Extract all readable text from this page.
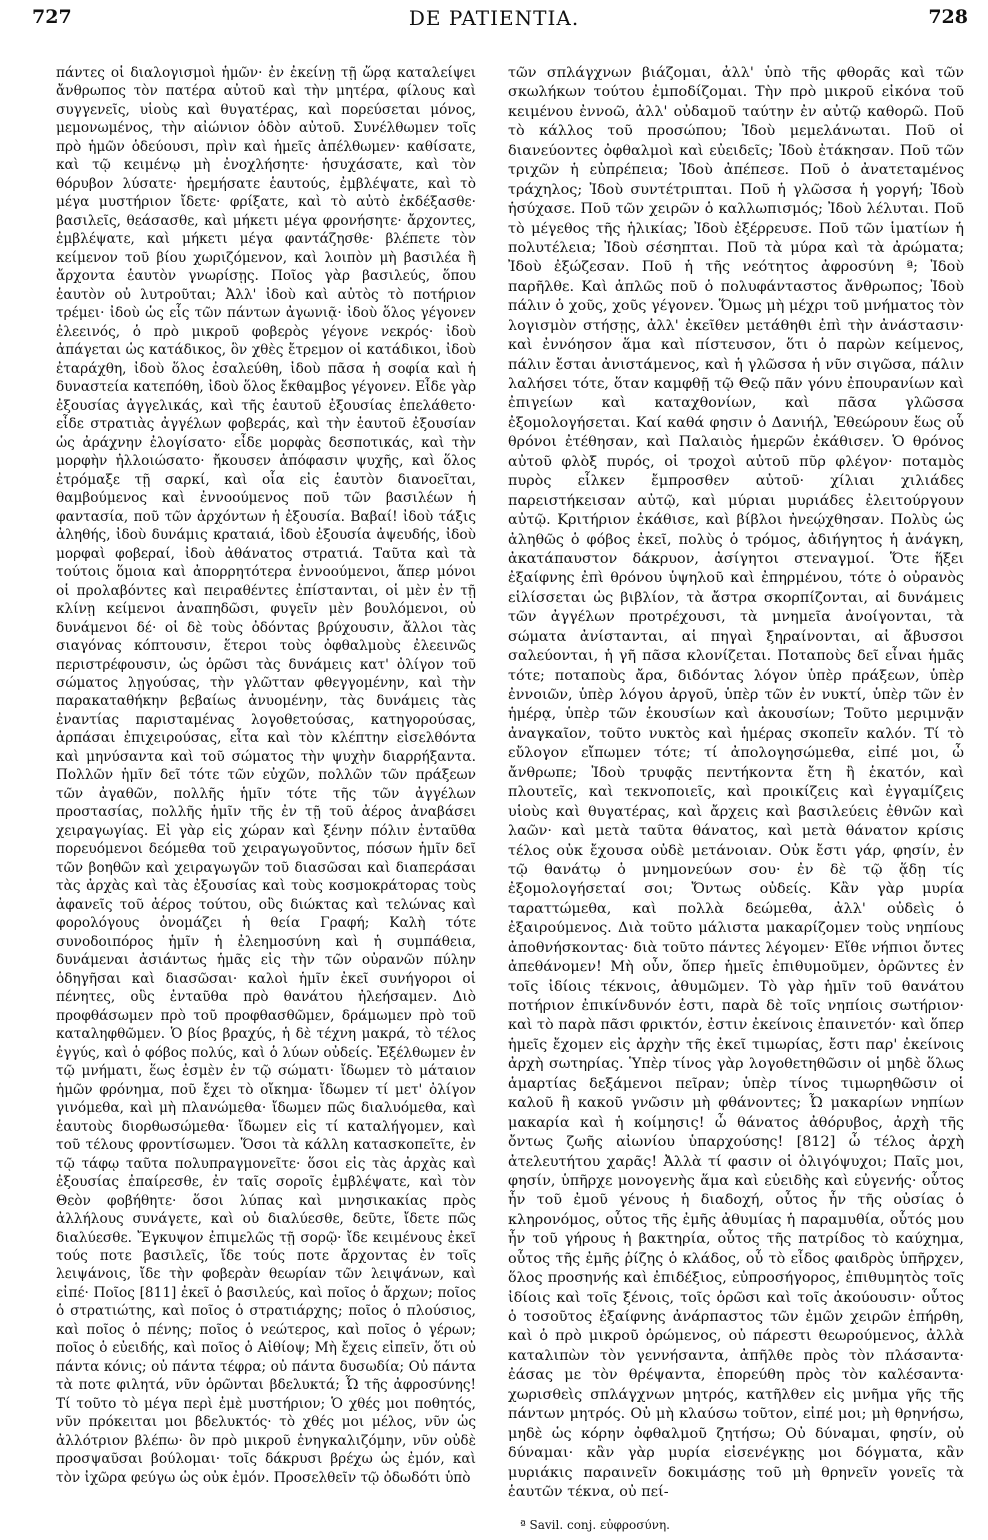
727	DE PATIENTIA.	728

πάντες οἱ διαλογισμοὶ ἡμῶν· ἐν ἐκείνῃ τῇ ὥρᾳ καταλείψει ἄνθρωπος τὸν πατέρα αὐτοῦ καὶ τὴν μητέρα, φίλους καὶ συγγενεῖς, υἱοὺς καὶ θυγατέρας, καὶ πορεύσεται μόνος, μεμονωμένος, τὴν αἰώνιον ὁδὸν αὐτοῦ. Συνέλθωμεν τοῖς πρὸ ἡμῶν ὁδεύουσι, πρὶν καὶ ἡμεῖς ἀπέλθωμεν· καθίσατε, καὶ τῷ κειμένῳ μὴ ἐνοχλήσητε· ἡσυχάσατε, καὶ τὸν θόρυβον λύσατε· ἠρεμήσατε ἑαυτούς, ἐμβλέψατε, καὶ τὸ μέγα μυστήριον ἴδετε· φρίξατε, καὶ τὸ αὐτὸ ἐκδέξασθε· βασιλεῖς, θεάσασθε, καὶ μήκετι μέγα φρονήσητε· ἄρχοντες, ἐμβλέψατε, καὶ μήκετι μέγα φαντάζησθε· βλέπετε τὸν κείμενον τοῦ βίου χωριζόμενον, καὶ λοιπὸν μὴ βασιλέα ἢ ἄρχοντα ἑαυτὸν γνωρίσῃς. Ποῖος γὰρ βασιλεύς, ὅπου ἑαυτὸν οὐ λυτροῦται; Ἀλλ' ἰδοὺ καὶ αὐτὸς τὸ ποτήριον τρέμει· ἰδοὺ ὡς εἷς τῶν πάντων ἀγωνιᾷ· ἰδοὺ ὅλος γέγονεν ἐλεεινός, ὁ πρὸ μικροῦ φοβερὸς γέγονε νεκρός· ἰδοὺ ἀπάγεται ὡς κατάδικος, ὃν χθὲς ἔτρεμον οἱ κατάδικοι, ἰδοὺ ἐταράχθη, ἰδοὺ ὅλος ἐσαλεύθη, ἰδοὺ πᾶσα ἡ σοφία καὶ ἡ δυναστεία κατεπόθη, ἰδοὺ ὅλος ἔκθαμβος γέγονεν. Εἶδε γὰρ ἐξουσίας ἀγγελικάς, καὶ τῆς ἑαυτοῦ ἐξουσίας ἐπελάθετο· εἶδε στρατιὰς ἀγγέλων φοβεράς, καὶ τὴν ἑαυτοῦ ἐξουσίαν ὡς ἀράχνην ἐλογίσατο· εἶδε μορφὰς δεσποτικάς, καὶ τὴν μορφὴν ἠλλοιώσατο· ἤκουσεν ἀπόφασιν ψυχῆς, καὶ ὅλος ἐτρόμαξε τῇ σαρκί, καὶ οἷα εἰς ἑαυτὸν διανοεῖται, θαμβούμενος καὶ ἐννοούμενος ποῦ τῶν βασιλέων ἡ φαντασία, ποῦ τῶν ἀρχόντων ἡ ἐξουσία. Βαβαί! ἰδοὺ τάξις ἀληθής, ἰδοὺ δυνάμις κραταιά, ἰδοὺ ἐξουσία ἀψευδής, ἰδοὺ μορφαὶ φοβεραί, ἰδοὺ ἀθάνατος στρατιά. Ταῦτα καὶ τὰ τούτοις ὅμοια καὶ ἀπορρητότερα ἐννοούμενοι, ἅπερ μόνοι οἱ προλαβόντες καὶ πειραθέντες ἐπίστανται, οἱ μὲν ἐν τῇ κλίνῃ κείμενοι ἀναπηδῶσι, φυγεῖν μὲν βουλόμενοι, οὐ δυνάμενοι δέ· οἱ δὲ τοὺς ὀδόντας βρύχουσιν, ἄλλοι τὰς σιαγόνας κόπτουσιν, ἕτεροι τοὺς ὀφθαλμοὺς ἐλεεινῶς περιστρέφουσιν, ὡς ὁρῶσι τὰς δυνάμεις κατ' ὀλίγον τοῦ σώματος λῃγούσας, τὴν γλῶτταν φθεγγομένην, καὶ τὴν παρακαταθήκην βεβαίως ἀνυομένην, τὰς δυνάμεις τὰς ἐναντίας παρισταμένας λογοθετούσας, κατηγορούσας, ἁρπάσαι ἐπιχειρούσας, εἶτα καὶ τὸν κλέπτην εἰσελθόντα καὶ μηνύσαντα καὶ τοῦ σώματος τὴν ψυχὴν διαρρήξαντα. Πολλῶν ἡμῖν δεῖ τότε τῶν εὐχῶν, πολλῶν τῶν πράξεων τῶν ἀγαθῶν, πολλῆς ἡμῖν τότε τῆς τῶν ἀγγέλων προστασίας, πολλῆς ἡμῖν τῆς ἐν τῇ τοῦ ἀέρος ἀναβάσει χειραγωγίας. Εἰ γὰρ εἰς χώραν καὶ ξένην πόλιν ἐνταῦθα πορευόμενοι δεόμεθα τοῦ χειραγωγοῦντος, πόσων ἡμῖν δεῖ τῶν βοηθῶν καὶ χειραγωγῶν τοῦ διασῶσαι καὶ διαπεράσαι τὰς ἀρχὰς καὶ τὰς ἐξουσίας καὶ τοὺς κοσμοκράτορας τοὺς ἀφανεῖς τοῦ ἀέρος τούτου, οὓς διώκτας καὶ τελώνας καὶ φορολόγους ὀνομάζει ἡ θεία Γραφή; Καλὴ τότε συνοδοιπόρος ἡμῖν ἡ ἐλεημοσύνη καὶ ἡ συμπάθεια, δυνάμεναι ἀσιάντως ἡμᾶς εἰς τὴν τῶν οὐρανῶν πύλην ὁδηγῆσαι καὶ διασῶσαι· καλοὶ ἡμῖν ἐκεῖ συνήγοροι οἱ πένητες, οὓς ἐνταῦθα πρὸ θανάτου ἠλεήσαμεν. Διὸ προφθάσωμεν πρὸ τοῦ προφθασθῶμεν, δράμωμεν πρὸ τοῦ καταληφθῶμεν. Ὁ βίος βραχύς, ἡ δὲ τέχνη μακρά, τὸ τέλος ἐγγύς, καὶ ὁ φόβος πολύς, καὶ ὁ λύων οὐδείς. Ἐξέλθωμεν ἐν τῷ μνήματι, ἕως ἐσμὲν ἐν τῷ σώματι· ἴδωμεν τὸ μάταιον ἡμῶν φρόνημα, ποῦ ἔχει τὸ οἴκημα· ἴδωμεν τί μετ' ὀλίγον γινόμεθα, καὶ μὴ πλανώμεθα· ἴδωμεν πῶς διαλυόμεθα, καὶ ἑαυτοὺς διορθωσώμεθα· ἴδωμεν εἰς τί καταλήγομεν, καὶ τοῦ τέλους φροντίσωμεν. Ὅσοι τὰ κάλλη κατασκοπεῖτε, ἐν τῷ τάφῳ ταῦτα πολυπραγμονεῖτε· ὅσοι εἰς τὰς ἀρχὰς καὶ ἐξουσίας ἐπαίρεσθε, ἐν ταῖς σοροῖς ἐμβλέψατε, καὶ τὸν Θεὸν φοβήθητε· ὅσοι λύπας καὶ μνησικακίας πρὸς ἀλλήλους συνάγετε, καὶ οὐ διαλύεσθε, δεῦτε, ἴδετε πῶς διαλύεσθε. Ἔγκυψον ἐπιμελῶς τῇ σορῷ· ἴδε κειμένους ἐκεῖ τούς ποτε βασιλεῖς, ἴδε τούς ποτε ἄρχοντας ἐν τοῖς λειψάνοις, ἴδε τὴν φοβερὰν θεωρίαν τῶν λειψάνων, καὶ εἰπέ· Ποῖος [811] ἐκεῖ ὁ βασιλεύς, καὶ ποῖος ὁ ἄρχων; ποῖος ὁ στρατιώτης, καὶ ποῖος ὁ στρατιάρχης; ποῖος ὁ πλούσιος, καὶ ποῖος ὁ πένης; ποῖος ὁ νεώτερος, καὶ ποῖος ὁ γέρων; ποῖος ὁ εὐειδής, καὶ ποῖος ὁ Αἰθίοψ; Μὴ ἔχεις εἰπεῖν, ὅτι οὐ πάντα κόνις; οὐ πάντα τέφρα; οὐ πάντα δυσωδία; Οὐ πάντα τὰ ποτε φιλητά, νῦν ὁρῶνται βδελυκτά; Ὦ τῆς ἀφροσύνης! Τί τοῦτο τὸ μέγα περὶ ἐμὲ μυστήριον; Ὁ χθές μοι ποθητός, νῦν πρόκειται μοι βδελυκτός· τὸ χθές μοι μέλος, νῦν ὡς ἀλλότριον βλέπω· ὃν πρὸ μικροῦ ἐνηγκαλιζόμην, νῦν οὐδὲ προσψαῦσαι βούλομαι· τοῖς δάκρυσι βρέχω ὡς ἐμόν, καὶ τὸν ἰχῶρα φεύγω ὡς οὐκ ἐμόν. Προσελθεῖν τῷ ὀδωδότι ὑπὸ

τῶν σπλάγχνων βιάζομαι, ἀλλ' ὑπὸ τῆς φθορᾶς καὶ τῶν σκωλήκων τούτου ἐμποδίζομαι. Τὴν πρὸ μικροῦ εἰκόνα τοῦ κειμένου ἐννοῶ, ἀλλ' οὐδαμοῦ ταύτην ἐν αὐτῷ καθορῶ. Ποῦ τὸ κάλλος τοῦ προσώπου; Ἰδοὺ μεμελάνωται. Ποῦ οἱ διανεύοντες ὀφθαλμοὶ καὶ εὐειδεῖς; Ἰδοὺ ἐτάκησαν. Ποῦ τῶν τριχῶν ἡ εὐπρέπεια; Ἰδοὺ ἀπέπεσε. Ποῦ ὁ ἀνατεταμένος τράχηλος; Ἰδοὺ συντέτριπται. Ποῦ ἡ γλῶσσα ἡ γοργή; Ἰδοὺ ἡσύχασε. Ποῦ τῶν χειρῶν ὁ καλλωπισμός; Ἰδοὺ λέλυται. Ποῦ τὸ μέγεθος τῆς ἡλικίας; Ἰδοὺ ἐξέρρευσε. Ποῦ τῶν ἱματίων ἡ πολυτέλεια; Ἰδοὺ σέσηπται. Ποῦ τὰ μύρα καὶ τὰ ἀρώματα; Ἰδοὺ ἐξώζεσαν. Ποῦ ἡ τῆς νεότητος ἀφροσύνη ª; Ἰδοὺ παρῆλθε. Καὶ ἁπλῶς ποῦ ὁ πολυφάνταστος ἄνθρωπος; Ἰδοὺ πάλιν ὁ χοῦς, χοῦς γέγονεν. Ὅμως μὴ μέχρι τοῦ μνήματος τὸν λογισμὸν στήσῃς, ἀλλ' ἐκεῖθεν μετάθηθι ἐπὶ τὴν ἀνάστασιν· καὶ ἐννόησον ἅμα καὶ πίστευσον, ὅτι ὁ παρὼν κείμενος, πάλιν ἔσται ἀνιστάμενος, καὶ ἡ γλῶσσα ἡ νῦν σιγῶσα, πάλιν λαλήσει τότε, ὅταν καμφθῇ τῷ Θεῷ πᾶν γόνυ ἐπουρανίων καὶ ἐπιγείων καὶ καταχθονίων, καὶ πᾶσα γλῶσσα ἐξομολογήσεται. Καί καθά φησιν ὁ Δανιήλ, Ἐθεώρουν ἕως οὗ θρόνοι ἐτέθησαν, καὶ Παλαιὸς ἡμερῶν ἐκάθισεν. Ὁ θρόνος αὐτοῦ φλὸξ πυρός, οἱ τροχοὶ αὐτοῦ πῦρ φλέγον· ποταμὸς πυρὸς εἷλκεν ἔμπροσθεν αὐτοῦ· χίλιαι χιλιάδες παρειστήκεισαν αὐτῷ, καὶ μύριαι μυριάδες ἐλειτούργουν αὐτῷ. Κριτήριον ἐκάθισε, καὶ βίβλοι ἠνεῴχθησαν. Πολὺς ὡς ἀληθῶς ὁ φόβος ἐκεῖ, πολὺς ὁ τρόμος, ἀδιήγητος ἡ ἀνάγκη, ἀκατάπαυστον δάκρυον, ἀσίγητοι στεναγμοί. Ὅτε ἥξει ἐξαίφνης ἐπὶ θρόνου ὑψηλοῦ καὶ ἐπηρμένου, τότε ὁ οὐρανὸς εἱλίσσεται ὡς βιβλίον, τὰ ἄστρα σκορπίζονται, αἱ δυνάμεις τῶν ἀγγέλων προτρέχουσι, τὰ μνημεῖα ἀνοίγονται, τὰ σώματα ἀνίστανται, αἱ πηγαὶ ξηραίνονται, αἱ ἄβυσσοι σαλεύονται, ἡ γῆ πᾶσα κλονίζεται. Ποταποὺς δεῖ εἶναι ἡμᾶς τότε; ποταποὺς ἄρα, διδόντας λόγον ὑπὲρ πράξεων, ὑπὲρ ἐννοιῶν, ὑπὲρ λόγου ἀργοῦ, ὑπὲρ τῶν ἐν νυκτί, ὑπὲρ τῶν ἐν ἡμέρᾳ, ὑπὲρ τῶν ἑκουσίων καὶ ἀκουσίων; Τοῦτο μεριμνᾷν ἀναγκαῖον, τοῦτο νυκτὸς καὶ ἡμέρας σκοπεῖν καλόν. Τί τὸ εὔλογον εἴπωμεν τότε; τί ἀπολογησώμεθα, εἰπέ μοι, ὦ ἄνθρωπε; Ἰδοὺ τρυφᾷς πεντήκοντα ἔτη ἢ ἑκατόν, καὶ πλουτεῖς, καὶ τεκνοποιεῖς, καὶ προικίζεις καὶ ἐγγαμίζεις υἱοὺς καὶ θυγατέρας, καὶ ἄρχεις καὶ βασιλεύεις ἐθνῶν καὶ λαῶν· καὶ μετὰ ταῦτα θάνατος, καὶ μετὰ θάνατον κρίσις τέλος οὐκ ἔχουσα οὐδὲ μετάνοιαν. Οὐκ ἔστι γάρ, φησίν, ἐν τῷ θανάτῳ ὁ μνημονεύων σου· ἐν δὲ τῷ ᾅδῃ τίς ἐξομολογήσεταί σοι; Ὄντως οὐδείς. Κἂν γὰρ μυρία ταραττώμεθα, καὶ πολλὰ δεώμεθα, ἀλλ' οὐδεὶς ὁ ἐξαιρούμενος. Διὰ τοῦτο μάλιστα μακαρίζομεν τοὺς νηπίους ἀποθνήσκοντας· διὰ τοῦτο πάντες λέγομεν· Εἴθε νήπιοι ὄντες ἀπεθάνομεν! Μὴ οὖν, ὅπερ ἡμεῖς ἐπιθυμοῦμεν, ὁρῶντες ἐν τοῖς ἰδίοις τέκνοις, ἀθυμῶμεν. Τὸ γὰρ ἡμῖν τοῦ θανάτου ποτήριον ἐπικίνδυνόν ἐστι, παρὰ δὲ τοῖς νηπίοις σωτήριον· καὶ τὸ παρὰ πᾶσι φρικτόν, ἐστιν ἐκείνοις ἐπαινετόν· καὶ ὅπερ ἡμεῖς ἔχομεν εἰς ἀρχὴν τῆς ἐκεῖ τιμωρίας, ἔστι παρ' ἐκείνοις ἀρχὴ σωτηρίας. Ὑπὲρ τίνος γὰρ λογοθετηθῶσιν οἱ μηδὲ ὅλως ἁμαρτίας δεξάμενοι πεῖραν; ὑπὲρ τίνος τιμωρηθῶσιν οἱ καλοῦ ἢ κακοῦ γνῶσιν μὴ φθάνοντες; Ὦ μακαρίων νηπίων μακαρία καὶ ἡ κοίμησις! ὦ θάνατος ἀθόρυβος, ἀρχὴ τῆς ὄντως ζωῆς αἰωνίου ὑπαρχούσης! [812] ὦ τέλος ἀρχὴ ἀτελευτήτου χαρᾶς! Ἀλλὰ τί φασιν οἱ ὀλιγόψυχοι; Παῖς μοι, φησίν, ὑπῆρχε μονογενὴς ἅμα καὶ εὐειδὴς καὶ εὐγενής· οὗτος ἦν τοῦ ἐμοῦ γένους ἡ διαδοχή, οὗτος ἦν τῆς οὐσίας ὁ κληρονόμος, οὗτος τῆς ἐμῆς ἀθυμίας ἡ παραμυθία, οὗτός μου ἦν τοῦ γήρους ἡ βακτηρία, οὗτος τῆς πατρίδος τὸ καύχημα, οὗτος τῆς ἐμῆς ῥίζης ὁ κλάδος, οὗ τὸ εἶδος φαιδρὸς ὑπῆρχεν, ὅλος προσηνής καὶ ἐπιδέξιος, εὐπροσήγορος, ἐπιθυμητὸς τοῖς ἰδίοις καὶ τοῖς ξένοις, τοῖς ὁρῶσι καὶ τοῖς ἀκούουσιν· οὗτος ὁ τοσοῦτος ἐξαίφνης ἀνάρπαστος τῶν ἐμῶν χειρῶν ἐπήρθη, καὶ ὁ πρὸ μικροῦ ὁρώμενος, οὐ πάρεστι θεωρούμενος, ἀλλὰ καταλιπὼν τὸν γεννήσαντα, ἀπῆλθε πρὸς τὸν πλάσαντα· ἐάσας με τὸν θρέψαντα, ἐπορεύθη πρὸς τὸν καλέσαντα· χωρισθεὶς σπλάγχνων μητρός, κατῆλθεν εἰς μνῆμα γῆς τῆς πάντων μητρός. Οὐ μὴ κλαύσω τοῦτον, εἰπέ μοι; μὴ θρηνήσω, μηδὲ ὡς κόρην ὀφθαλμοῦ ζητήσω; Οὐ δύναμαι, φησίν, οὐ δύναμαι· κἂν γὰρ μυρία εἰσενέγκῃς μοι δόγματα, κἂν μυριάκις παραινεῖν δοκιμάσῃς τοῦ μὴ θρηνεῖν γονεῖς τὰ ἑαυτῶν τέκνα, οὐ πεί-

ª Savil. conj. εὐφροσύνη.
